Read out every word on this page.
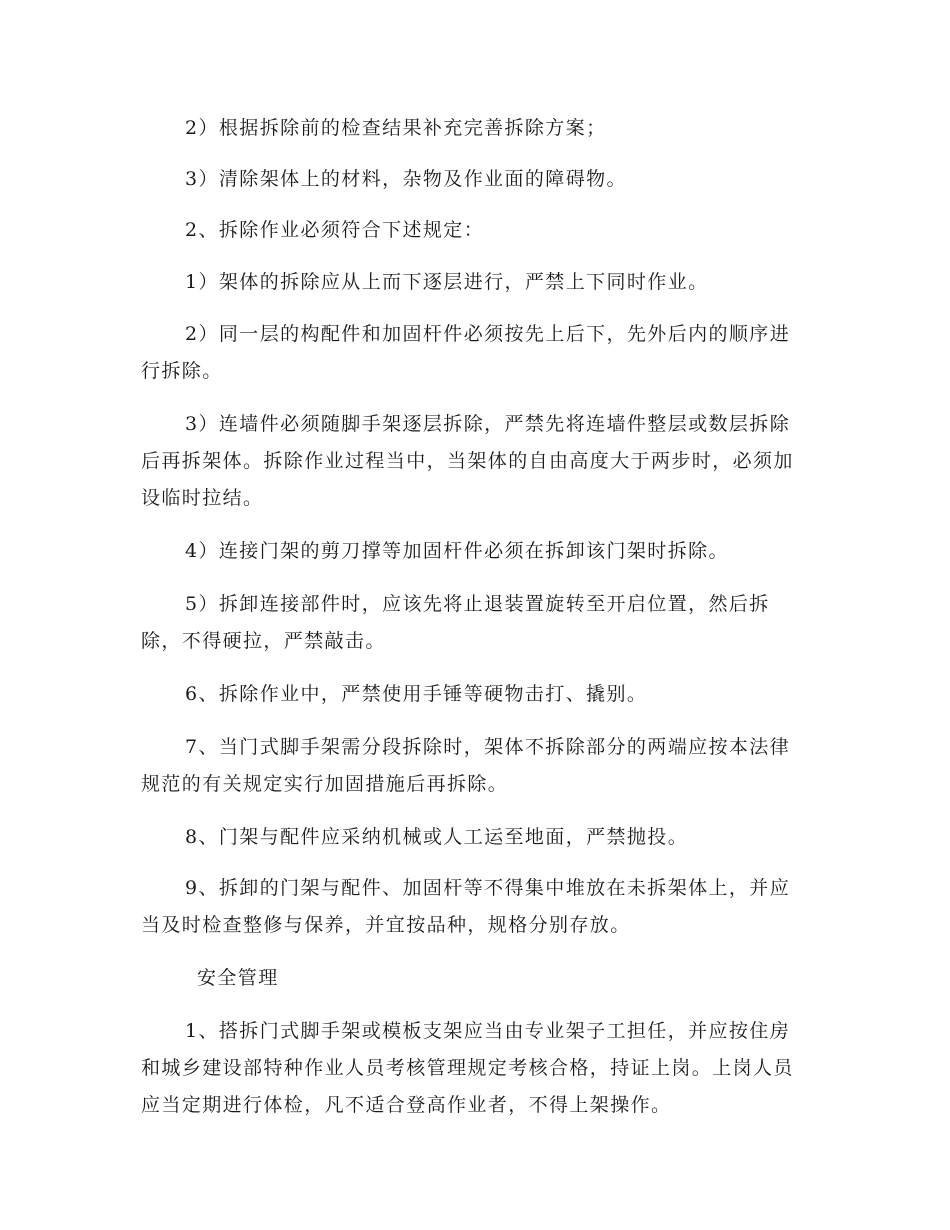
2）根据拆除前的检查结果补充完善拆除方案；

3）清除架体上的材料，杂物及作业面的障碍物。

2、拆除作业必须符合下述规定：

1）架体的拆除应从上而下逐层进行，严禁上下同时作业。

2）同一层的构配件和加固杆件必须按先上后下，先外后内的顺序进行拆除。

3）连墙件必须随脚手架逐层拆除，严禁先将连墙件整层或数层拆除后再拆架体。拆除作业过程当中，当架体的自由高度大于两步时，必须加设临时拉结。

4）连接门架的剪刀撑等加固杆件必须在拆卸该门架时拆除。

5）拆卸连接部件时，应该先将止退装置旋转至开启位置，然后拆除，不得硬拉，严禁敲击。

6、拆除作业中，严禁使用手锤等硬物击打、撬别。

7、当门式脚手架需分段拆除时，架体不拆除部分的两端应按本法律规范的有关规定实行加固措施后再拆除。

8、门架与配件应采纳机械或人工运至地面，严禁抛投。

9、拆卸的门架与配件、加固杆等不得集中堆放在未拆架体上，并应当及时检查整修与保养，并宜按品种，规格分别存放。

安全管理

1、搭拆门式脚手架或模板支架应当由专业架子工担任，并应按住房和城乡建设部特种作业人员考核管理规定考核合格，持证上岗。上岗人员应当定期进行体检，凡不适合登高作业者，不得上架操作。
